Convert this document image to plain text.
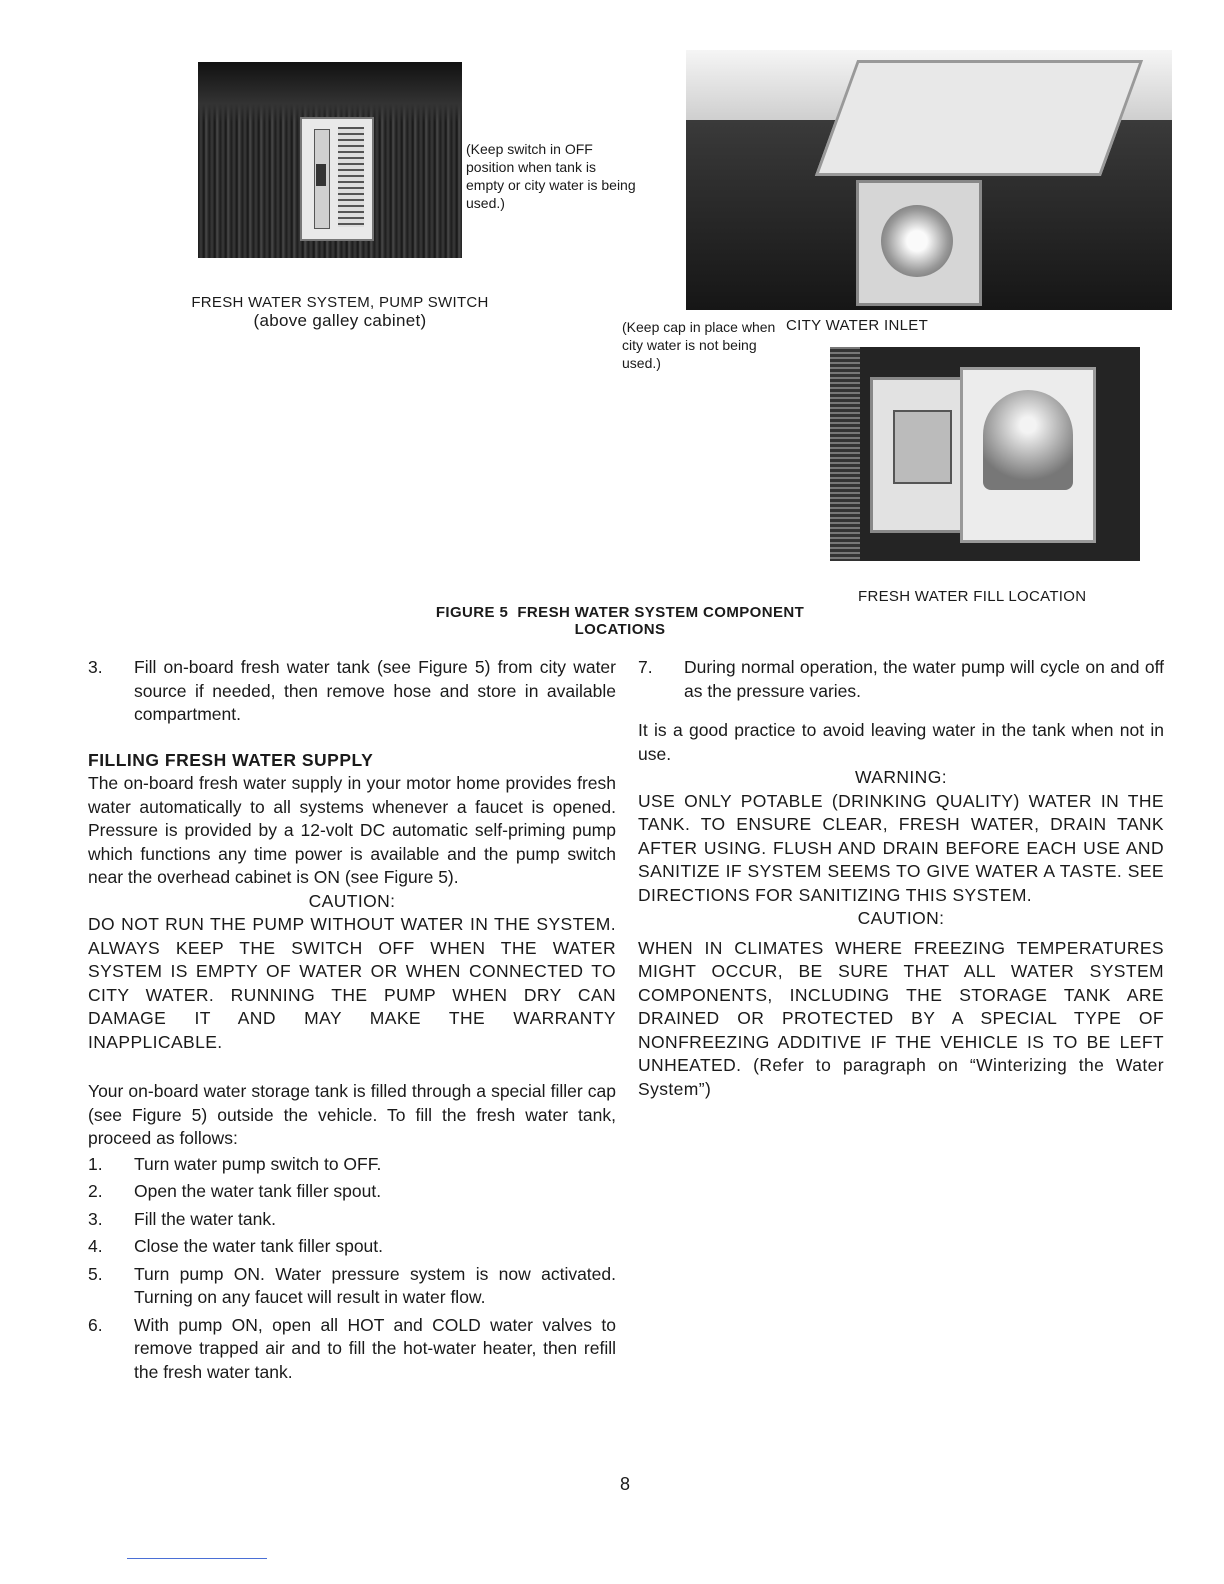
(Keep switch in OFF position when tank is empty or city water is being used.)
FRESH WATER SYSTEM, PUMP SWITCH
(above galley cabinet)	(Keep cap in place when city water is not being used.)
CITY WATER INLET
FRESH WATER FILL LOCATION
FIGURE 5  FRESH WATER SYSTEM COMPONENT
LOCATIONS
3.	Fill on-board fresh water tank (see Figure 5) from city water source if needed, then remove hose and store in available compartment.

FILLING FRESH WATER SUPPLY

The on-board fresh water supply in your motor home provides fresh water automatically to all systems whenever a faucet is opened. Pressure is provided by a 12-volt DC automatic self-priming pump which functions any time power is available and the pump switch near the overhead cabinet is ON (see Figure 5).

CAUTION:

DO NOT RUN THE PUMP WITHOUT WATER IN THE SYSTEM. ALWAYS KEEP THE SWITCH OFF WHEN THE WATER SYSTEM IS EMPTY OF WATER OR WHEN CONNECTED TO CITY WATER. RUNNING THE PUMP WHEN DRY CAN DAMAGE IT AND MAY MAKE THE WARRANTY INAPPLICABLE.

Your on-board water storage tank is filled through a special filler cap (see Figure 5) outside the vehicle. To fill the fresh water tank, proceed as follows:

1.	Turn water pump switch to OFF.
2.	Open the water tank filler spout.
3.	Fill the water tank.
4.	Close the water tank filler spout.
5.	Turn pump ON. Water pressure system is now activated. Turning on any faucet will result in water flow.
6.	With pump ON, open all HOT and COLD water valves to remove trapped air and to fill the hot-water heater, then refill the fresh water tank.
7.	During normal operation, the water pump will cycle on and off as the pressure varies.

It is a good practice to avoid leaving water in the tank when not in use.

WARNING:

USE ONLY POTABLE (DRINKING QUALITY) WATER IN THE TANK. TO ENSURE CLEAR, FRESH WATER, DRAIN TANK AFTER USING. FLUSH AND DRAIN BEFORE EACH USE AND SANITIZE IF SYSTEM SEEMS TO GIVE WATER A TASTE. SEE DIRECTIONS FOR SANITIZING THIS SYSTEM.

CAUTION:

WHEN IN CLIMATES WHERE FREEZING TEMPERATURES MIGHT OCCUR, BE SURE THAT ALL WATER SYSTEM COMPONENTS, INCLUDING THE STORAGE TANK ARE DRAINED OR PROTECTED BY A SPECIAL TYPE OF NONFREEZING ADDITIVE IF THE VEHICLE IS TO BE LEFT UNHEATED. (Refer to paragraph on “Winterizing the Water System”)

8
